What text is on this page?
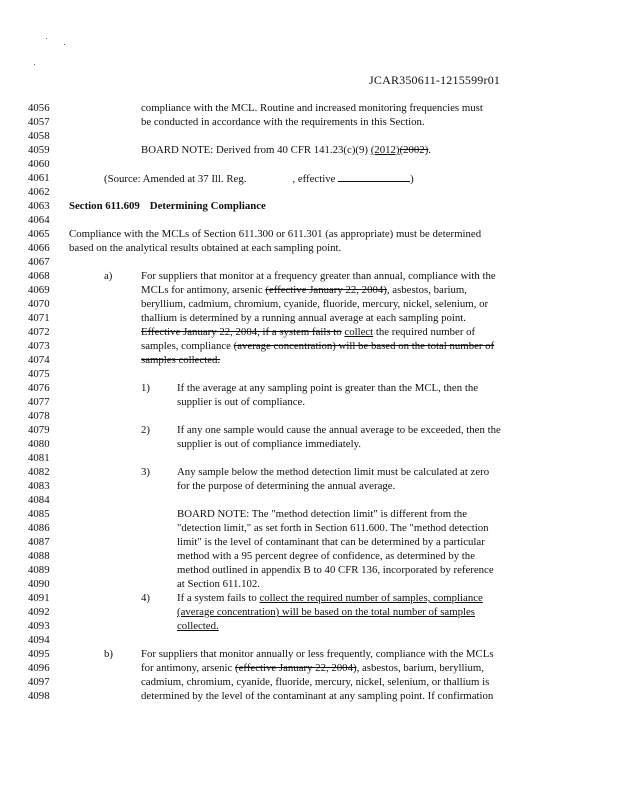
JCAR350611-1215599r01
4056
4057
4058
4059
4060
4061
4062
4063
4064
4065
4066
4067
4068
4069
4070
4071
4072
4073
4074
4075
4076
4077
4078
4079
4080
4081
4082
4083
4084
4085
4086
4087
4088
4089
4090
4091
4092
4093
4094
4095
4096
4097
4098
compliance with the MCL. Routine and increased monitoring frequencies must
be conducted in accordance with the requirements in this Section.
BOARD NOTE: Derived from 40 CFR 141.23(c)(9) (2012)(2002).
(Source: Amended at 37 Ill. Reg.	, effective	)
Section 611.609 Determining Compliance
Compliance with the MCLs of Section 611.300 or 611.301 (as appropriate) must be determined
based on the analytical results obtained at each sampling point.
a)	For suppliers that monitor at a frequency greater than annual, compliance with the
MCLs for antimony, arsenic (effective January 22, 2004), asbestos, barium,
beryllium, cadmium, chromium, cyanide, fluoride, mercury, nickel, selenium, or
thallium is determined by a running annual average at each sampling point.
Effective January 22, 2004, if a system fails to collect the required number of
samples, compliance (average concentration) will be based on the total number of
samples collected.
1)	If the average at any sampling point is greater than the MCL, then the
supplier is out of compliance.
2)	If any one sample would cause the annual average to be exceeded, then the
supplier is out of compliance immediately.
3)	Any sample below the method detection limit must be calculated at zero
for the purpose of determining the annual average.
BOARD NOTE: The "method detection limit" is different from the
"detection limit," as set forth in Section 611.600. The "method detection
limit" is the level of contaminant that can be determined by a particular
method with a 95 percent degree of confidence, as determined by the
method outlined in appendix B to 40 CFR 136, incorporated by reference
at Section 611.102.
4)	If a system fails to collect the required number of samples, compliance
(average concentration) will be based on the total number of samples
collected.
b)	For suppliers that monitor annually or less frequently, compliance with the MCLs
for antimony, arsenic (effective January 22, 2004), asbestos, barium, beryllium,
cadmium, chromium, cyanide, fluoride, mercury, nickel, selenium, or thallium is
determined by the level of the contaminant at any sampling point. If confirmation
